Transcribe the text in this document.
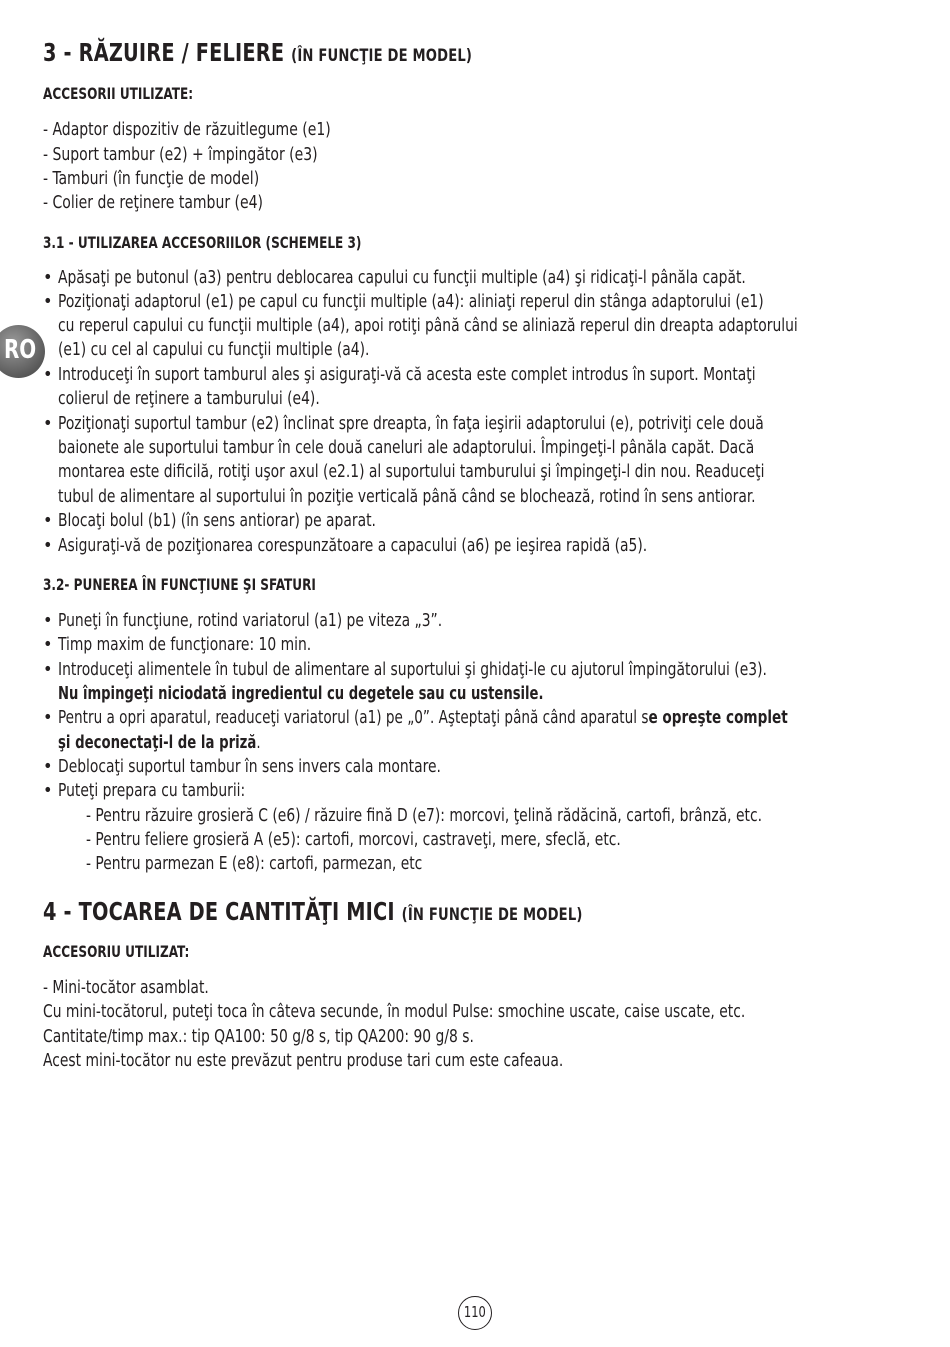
RO
3 - RĂZUIRE / FELIERE (ÎN FUNCŢIE DE MODEL)
ACCESORII UTILIZATE:
- Adaptor dispozitiv de răzuitlegume (e1)
- Suport tambur (e2) + împingător (e3)
- Tamburi (în funcţie de model)
- Colier de reţinere tambur (e4)
3.1 - UTILIZAREA ACCESORIILOR (SCHEMELE 3)
• Apăsaţi pe butonul (a3) pentru deblocarea capului cu funcţii multiple (a4) şi ridicaţi-l pânăla capăt.
• Poziţionaţi adaptorul (e1) pe capul cu funcţii multiple (a4): aliniaţi reperul din stânga adaptorului (e1)
cu reperul capului cu funcţii multiple (a4), apoi rotiţi până când se aliniază reperul din dreapta adaptorului
(e1) cu cel al capului cu funcţii multiple (a4).
• Introduceţi în suport tamburul ales şi asiguraţi-vă că acesta este complet introdus în suport. Montaţi
colierul de reţinere a tamburului (e4).
• Poziţionaţi suportul tambur (e2) înclinat spre dreapta, în faţa ieşirii adaptorului (e), potriviţi cele două
baionete ale suportului tambur în cele două caneluri ale adaptorului. Împingeţi-l pânăla capăt. Dacă
montarea este dificilă, rotiţi uşor axul (e2.1) al suportului tamburului şi împingeţi-l din nou. Readuceţi
tubul de alimentare al suportului în poziţie verticală până când se blochează, rotind în sens antiorar.
• Blocaţi bolul (b1) (în sens antiorar) pe aparat.
• Asiguraţi-vă de poziţionarea corespunzătoare a capacului (a6) pe ieşirea rapidă (a5).
3.2- PUNEREA ÎN FUNCŢIUNE ŞI SFATURI
• Puneţi în funcţiune, rotind variatorul (a1) pe viteza „3”.
• Timp maxim de funcţionare: 10 min.
• Introduceţi alimentele în tubul de alimentare al suportului şi ghidaţi-le cu ajutorul împingătorului (e3).
Nu împingeţi niciodată ingredientul cu degetele sau cu ustensile.
• Pentru a opri aparatul, readuceţi variatorul (a1) pe „0”. Aşteptaţi până când aparatul se opreşte complet
şi deconectaţi-l de la priză.
• Deblocaţi suportul tambur în sens invers cala montare.
• Puteţi prepara cu tamburii:
- Pentru răzuire grosieră C (e6) / răzuire fină D (e7): morcovi, ţelină rădăcină, cartofi, brânză, etc.
- Pentru feliere grosieră A (e5): cartofi, morcovi, castraveţi, mere, sfeclă, etc.
- Pentru parmezan E (e8): cartofi, parmezan, etc
4 - TOCAREA DE CANTITĂŢI MICI (ÎN FUNCŢIE DE MODEL)
ACCESORIU UTILIZAT:
- Mini-tocător asamblat.
Cu mini-tocătorul, puteţi toca în câteva secunde, în modul Pulse: smochine uscate, caise uscate, etc.
Cantitate/timp max.: tip QA100: 50 g/8 s, tip QA200: 90 g/8 s.
Acest mini-tocător nu este prevăzut pentru produse tari cum este cafeaua.
110
